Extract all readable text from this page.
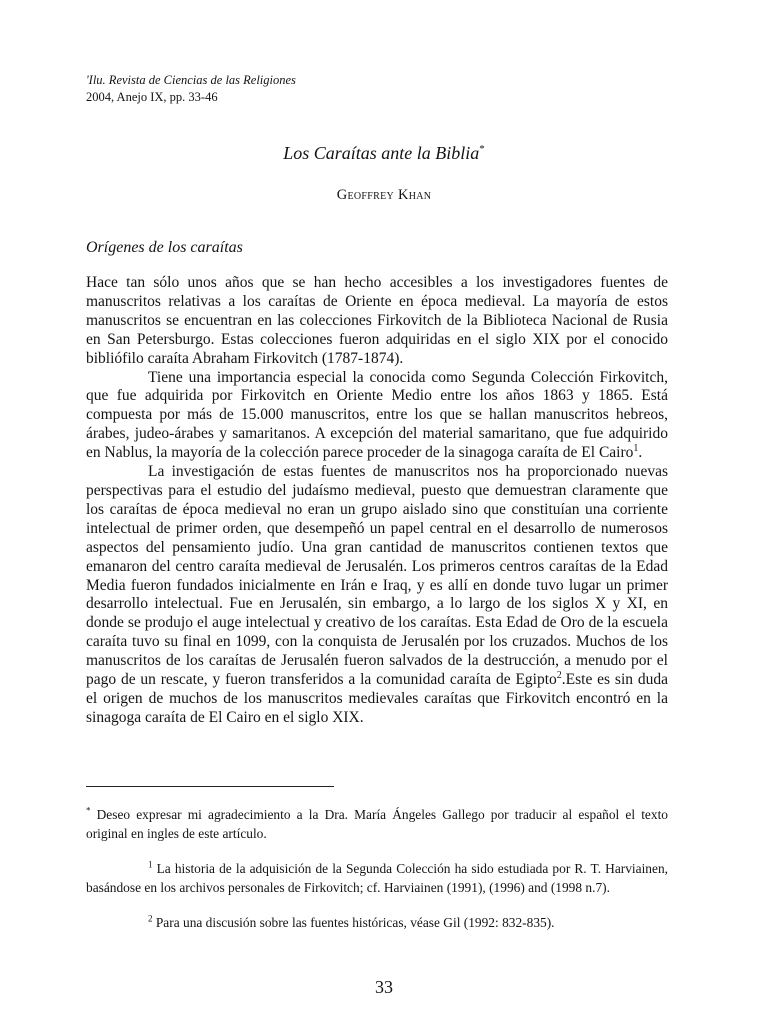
'Ilu. Revista de Ciencias de las Religiones
2004, Anejo IX, pp. 33-46
Los Caraítas ante la Biblia*
Geoffrey Khan
Orígenes de los caraítas

Hace tan sólo unos años que se han hecho accesibles a los investigadores fuentes de manuscritos relativas a los caraítas de Oriente en época medieval. La mayoría de estos manuscritos se encuentran en las colecciones Firkovitch de la Biblioteca Nacional de Rusia en San Petersburgo. Estas colecciones fueron adquiridas en el siglo XIX por el conocido bibliófilo caraíta Abraham Firkovitch (1787-1874).

Tiene una importancia especial la conocida como Segunda Colección Firkovitch, que fue adquirida por Firkovitch en Oriente Medio entre los años 1863 y 1865. Está compuesta por más de 15.000 manuscritos, entre los que se hallan manuscritos hebreos, árabes, judeo-árabes y samaritanos. A excepción del material samaritano, que fue adquirido en Nablus, la mayoría de la colección parece proceder de la sinagoga caraíta de El Cairo$^1$.

La investigación de estas fuentes de manuscritos nos ha proporcionado nuevas perspectivas para el estudio del judaísmo medieval, puesto que demuestran claramente que los caraítas de época medieval no eran un grupo aislado sino que constituían una corriente intelectual de primer orden, que desempeñó un papel central en el desarrollo de numerosos aspectos del pensamiento judío. Una gran cantidad de manuscritos contienen textos que emanaron del centro caraíta medieval de Jerusalén. Los primeros centros caraítas de la Edad Media fueron fundados inicialmente en Irán e Iraq, y es allí en donde tuvo lugar un primer desarrollo intelectual. Fue en Jerusalén, sin embargo, a lo largo de los siglos X y XI, en donde se produjo el auge intelectual y creativo de los caraítas. Esta Edad de Oro de la escuela caraíta tuvo su final en 1099, con la conquista de Jerusalén por los cruzados. Muchos de los manuscritos de los caraítas de Jerusalén fueron salvados de la destrucción, a menudo por el pago de un rescate, y fueron transferidos a la comunidad caraíta de Egipto$^2$.Este es sin duda el origen de muchos de los manuscritos medievales caraítas que Firkovitch encontró en la sinagoga caraíta de El Cairo en el siglo XIX.

* Deseo expresar mi agradecimiento a la Dra. María Ángeles Gallego por traducir al español el texto original en ingles de este artículo.

$^1$ La historia de la adquisición de la Segunda Colección ha sido estudiada por R. T. Harviainen, basándose en los archivos personales de Firkovitch; cf. Harviainen (1991), (1996) and (1998 n.7).

$^2$ Para una discusión sobre las fuentes históricas, véase Gil (1992: 832-835).

33
